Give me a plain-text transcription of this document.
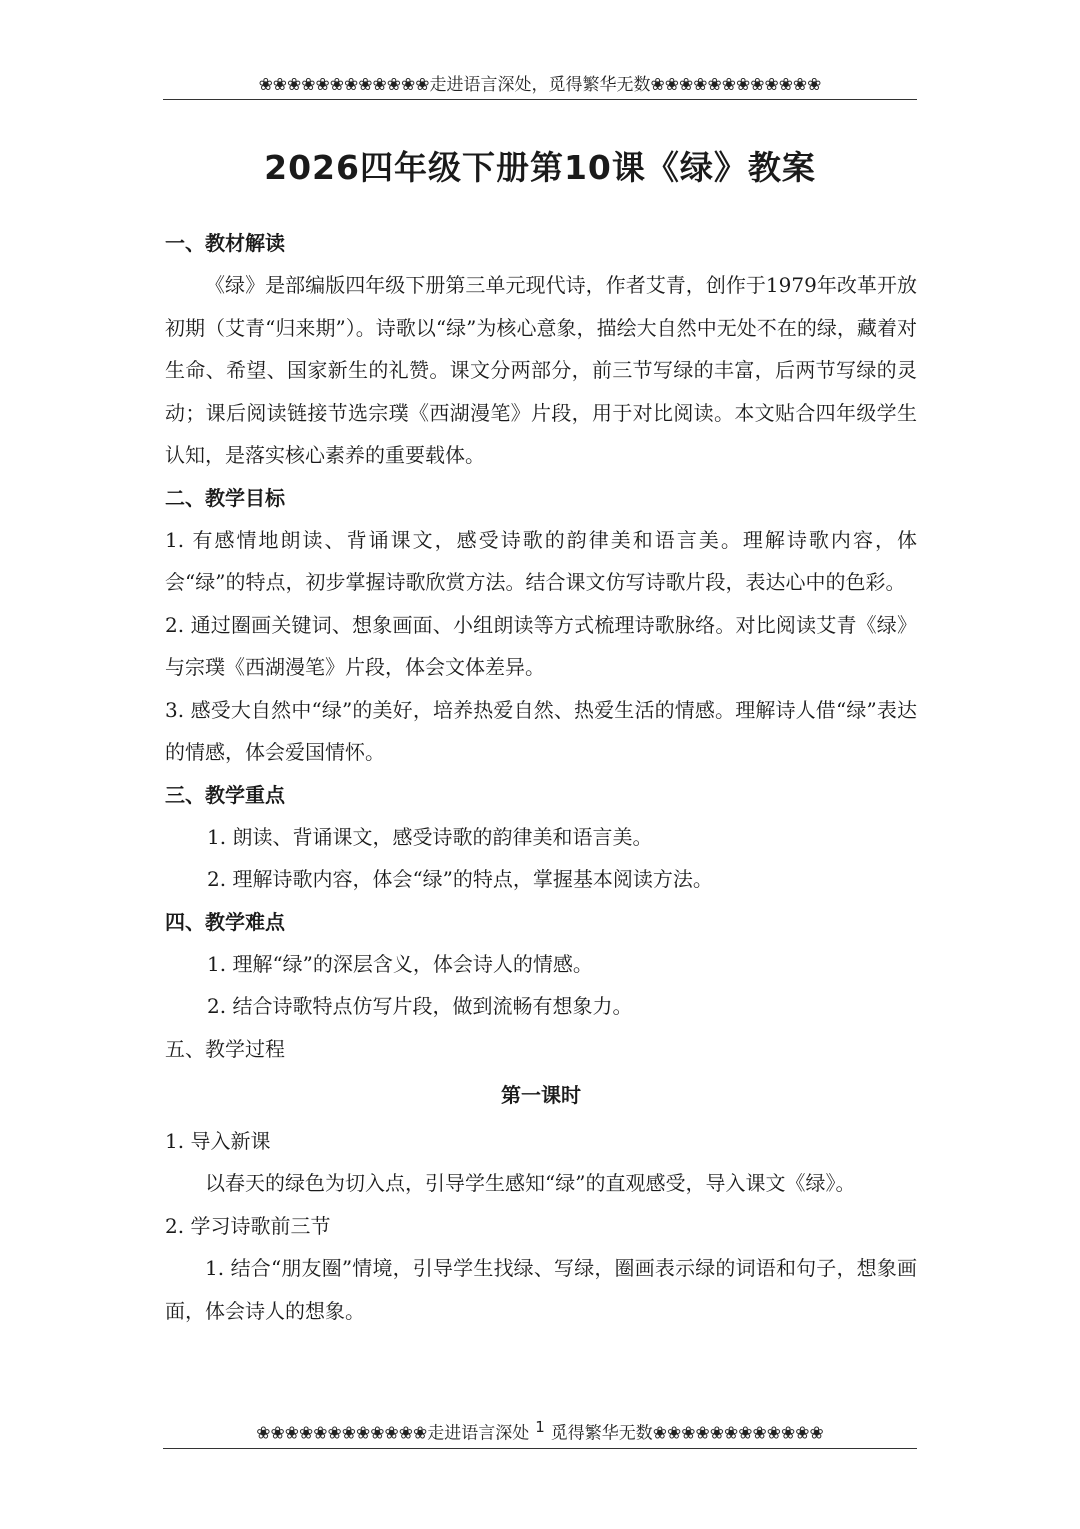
❀❀❀❀❀❀❀❀❀❀❀❀走进语言深处，觅得繁华无数❀❀❀❀❀❀❀❀❀❀❀❀
2026四年级下册第10课《绿》教案
一、教材解读
《绿》是部编版四年级下册第三单元现代诗，作者艾青，创作于1979年改革开放初期（艾青“归来期”）。诗歌以“绿”为核心意象，描绘大自然中无处不在的绿，藏着对生命、希望、国家新生的礼赞。课文分两部分，前三节写绿的丰富，后两节写绿的灵动；课后阅读链接节选宗璞《西湖漫笔》片段，用于对比阅读。本文贴合四年级学生认知，是落实核心素养的重要载体。
二、教学目标
1. 有感情地朗读、背诵课文，感受诗歌的韵律美和语言美。理解诗歌内容，体会“绿”的特点，初步掌握诗歌欣赏方法。结合课文仿写诗歌片段，表达心中的色彩。
2. 通过圈画关键词、想象画面、小组朗读等方式梳理诗歌脉络。对比阅读艾青《绿》与宗璞《西湖漫笔》片段，体会文体差异。
3. 感受大自然中“绿”的美好，培养热爱自然、热爱生活的情感。理解诗人借“绿”表达的情感，体会爱国情怀。
三、教学重点
1. 朗读、背诵课文，感受诗歌的韵律美和语言美。
2. 理解诗歌内容，体会“绿”的特点，掌握基本阅读方法。
四、教学难点
1. 理解“绿”的深层含义，体会诗人的情感。
2. 结合诗歌特点仿写片段，做到流畅有想象力。
五、教学过程
第一课时
1. 导入新课
以春天的绿色为切入点，引导学生感知“绿”的直观感受，导入课文《绿》。
2. 学习诗歌前三节
1. 结合“朋友圈”情境，引导学生找绿、写绿，圈画表示绿的词语和句子，想象画面，体会诗人的想象。
❀❀❀❀❀❀❀❀❀❀❀❀走进语言深处 1 觅得繁华无数❀❀❀❀❀❀❀❀❀❀❀❀
